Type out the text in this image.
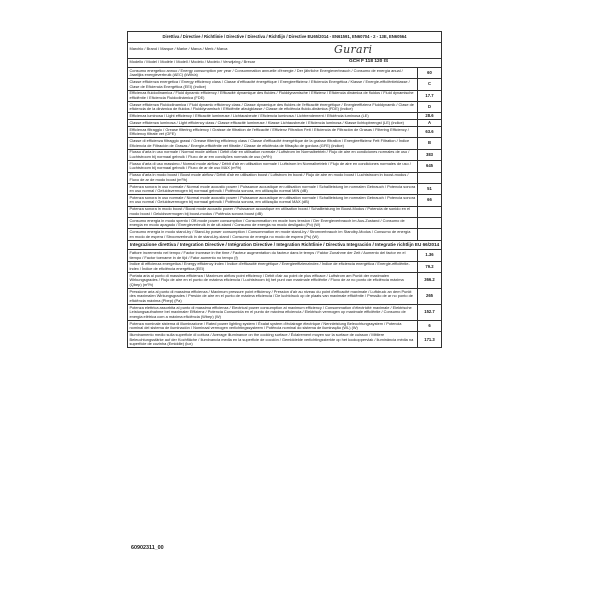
Direttiva / Directive / Richtlinie / Directive / Directiva / Richtlijn / Directive EU65/2014 - EN61591, EN60704 - 2 - 13E, EN60564	

Marchio / Brand / Marque / Marke / Marca / Merk / Marca Gurari	

Modello / Model / Modèle / Modell / Modelo / Modelo / Verwijzing / Brecar GCH F 118 120 IS	

Consumo energetico annuo / Energy consumption per year / Consommation annuelle d'énergie / Der jährliche Energieverbrauch / Consumo de energía anual / Jaarlijks energieverbruik (AEC) (kWh/a)	60
Classe efficienza energetica / Energy efficiency class / Classe d'efficacité énergétique / Energieeffizienz / Eficiencia Energética / Klasse / Energie-efficiëntieklasse / Clase de Eficiencia Energética (EEI) (indice)	C
Efficienza fluidodinamica / Fluid dynamic efficiency / Efficacité dynamique des fluides / Fluiddynamische / Effizienz / Eficiencia dinámica de fluidos / Fluid dynamische efficiëntie / Eficiencia Fluidodinámica (FDE)	17.7
Classe efficienza Fluidodinamica / Fluid dynamic efficiency class / Classe dynamique des fluides de l'efficacité énergétique / Energieeffizienz Fluiddynamik / Clase de eficiencia de la dinámica de fluidos / Fluiddynamisch / Efficiëntie afzuigklasse / Classe de eficiência fluido-dinâmica (FDE) (indice)	D
Efficienza luminosa / Light efficiency / Efficacité lumineuse / Lichtausbeute / Eficiencia luminosa / Lichtrendement / Eficiência luminosa (LE)	28.6
Classe efficienza luminosa / Light efficiency class / Classe efficacité lumineuse / Klasse Lichtausbeute / Eficiencia luminosa / Klasse lichtopbrengst (LE) (indice)	A
Efficienza filtraggio / Grease filtering efficiency / Graisse de filtration de l'efficacité / Effizienz Filtration Fett / Eficiencia de Filtración de Grasas / Filtering Efficiency / Efficiency filtrate vet (GFE)	63.6
Classe di efficienza filtraggio grassi / Grease filtering efficiency class / Classe d'efficacité énergétique de la graisse filtration / Energieeffizienz Fett Filtration / Índice Eficiencia de Filtración de Grasas / Energie-efficiëntie vet filtratie / Classe de eficiência de filtração de gordura (GFE) (indice)	B
Flusso d'aria in uso normale / Normal mode airflow / Débit d'air en utilisation normale / Luftstrom im Normalbetrieb / Flujo de aire en condiciones normales de uso / Luchtstroom bij normaal gebruik / Fluxo de ar em condições normais de uso (m³/h)	383
Flusso d'aria di uso massimo / Normal mode airflow / Débit d'air en utilisation normale / Luftstrom im Normalbetrieb / Flujo de aire en condiciones normales de uso / Luchtstroom bij normaal gebruik / Fluxo de ar de uso MAX (m³/h)	645
Flusso d'aria in modo boost / Boost mode airflow / Débit d'air en utilisation boost / Luftstrom im boost / Flujo de aire en modo boost / Luchtstroom in boost-modus / Fluxo de ar de modo boost (m³/h)	
Potenza sonora in uso normale / Normal mode acoustic power / Puissance acoustique en utilisation normale / Schallleistung im normalen Gebrauch / Potencia sonora en uso normal / Geluidsvermogen bij normaal gebruik / Potência sonora, em utilização normal MIN (dB)	51
Potenza sonora in uso normale / Normal mode acoustic power / Puissance acoustique en utilisation normale / Schallleistung im normalen Gebrauch / Potencia sonora en uso normal / Geluidsvermogen bij normaal gebruik / Potência sonora, em utilização normal MAX (dB)	66
Potenza sonora in modo boost / Boost mode acoustic power / Puissance acoustique en utilisation boost / Schallleistung im Boost-Modus / Potencia de sonido en el modo boost / Geluidsvermogen bij boost-modus / Potência sonora boost (dB)	
Consumo energia in modo spento / Off-mode power consumption / Consommation en mode hors tension / Der Energieverbrauch im Aus-Zustand / Consumo de energía en modo apagado / Energieverbruik in de uit-stand / Consumo de energia no modo desligado (Po) (W)	
Consumo energia in modo stand-by / Stand-by power consumption / Consommation en mode stand-by / Stromverbrauch im Standby-Modus / Consumo de energía en modo de espera / Stroomverbruik in de stand-by-stand / Consumo de energia no modo de espera (Ps) (W)	
Integrazione direttiva / Integration Directive / Intégration Directive / Integration Richtlinie / Directiva Integración / Integratie richtlijn EU 66/2014	
Fattore incremento nel tempo / Factor increase in the time / Facteur augmentation du facteur dans le temps / Faktor Zunahme der Zeit / Aumento del factor en el tiempo / Factor toename in de tijd / Fator aumento no tempo (f)	1.36
Indice di efficienza energetica / Energy efficiency index / Indice d'efficacité énergétique / Energieeffizienzindex / Índice de eficiencia energética / Energie-efficiëntie-index / Índice de eficiência energética (EEI)	79.2
Portata aria al punto di massima efficienza / Maximum airflow point efficiency / Débit d'air au point de plus efficace / Luftstrom am Punkt der maximalen Wirkungsgrades / Flujo de aire en el punto de máxima eficiencia / Luchtstroom bij het punt van maximale efficiëntie / Fluxo de ar no ponto de eficiência máxima (Qbep) (m³/h)	366.2
Pressione aria al punto di massima efficienza / Maximum pressure point efficiency / Pression d'air au niveau du point d'efficacité maximale / Luftdruck an dem Punkt des maximalen Wirkungsgrades / Presión de aire en el punto de máxima eficiencia / De luchtdruck op de plaats van maximale efficiëntie / Pressão de ar no ponto de eficiência máxima (Pbep) (Pa)	265
Potenza elettrica assorbita al punto di massima efficienza / Electrical power consumption at maximum efficiency / Consommation d'électricité maximale / Elektrische Leistungsaufnahme bei maximaler Effizienz / Potencia Consumida en el punto de máxima eficiencia / Elektrisch vermogen op maximale efficiëntie / Consumo de energia elétrica com a máxima eficiência (Wbep) (W)	152.7
Potenza nominale sistema di illuminazione / Rated power lighting system / Éxalat system d'éclairage électrique / Nennleistung Beleuchtungssystem / Potencia nominal del sistema de iluminación / Nominaal vermogen verlichtingssysteem / Potência nominal do sistema de iluminação (WL) (W)	6
Illuminamento medio sulla superficie di cottura / Average illuminance on the cooking surface / Éclairement moyen sur la surface de cuisson / Mittlere Beleuchtungsstärke auf der Kochfläche / Iluminancia media en la superficie de cocción / Gemiddelde verlichtingssterkte op het kookoppervlak / Iluminância média na superfície de cozinha (Emiddle) (lux)	171.3
60902311_00
